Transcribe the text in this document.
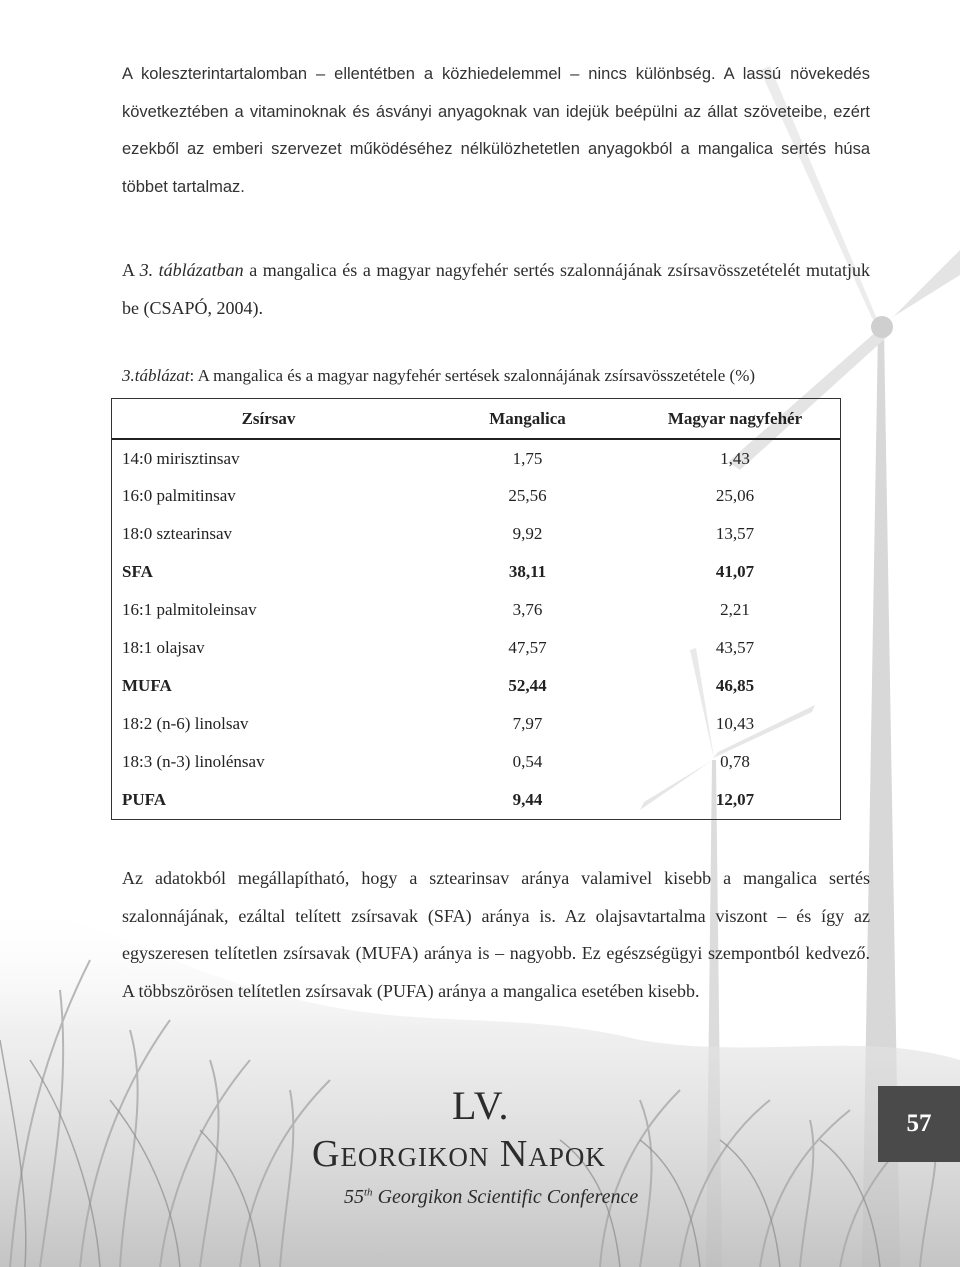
A koleszterintartalomban – ellentétben a közhiedelemmel – nincs különbség. A lassú növekedés következtében a vitaminoknak és ásványi anyagoknak van idejük beépülni az állat szöveteibe, ezért ezekből az emberi szervezet működéséhez nélkülözhetetlen anyagokból a mangalica sertés húsa többet tartalmaz.

A 3. táblázatban a mangalica és a magyar nagyfehér sertés szalonnájának zsírsavösszetételét mutatjuk be (CSAPÓ, 2004).

3.táblázat: A mangalica és a magyar nagyfehér sertések szalonnájának zsírsavösszetétele (%)

Zsírsav	Mangalica	Magyar nagyfehér
14:0 mirisztinsav	1,75	1,43
16:0 palmitinsav	25,56	25,06
18:0 sztearinsav	9,92	13,57
SFA	38,11	41,07
16:1 palmitoleinsav	3,76	2,21
18:1 olajsav	47,57	43,57
MUFA	52,44	46,85
18:2 (n-6) linolsav	7,97	10,43
18:3 (n-3) linolénsav	0,54	0,78
PUFA	9,44	12,07

Az adatokból megállapítható, hogy a sztearinsav aránya valamivel kisebb a mangalica sertés szalonnájának, ezáltal telített zsírsavak (SFA) aránya is. Az olajsavtartalma viszont – és így az egyszeresen telítetlen zsírsavak (MUFA) aránya is – nagyobb. Ez egészségügyi szempontból kedvező. A többszörösen telítetlen zsírsavak (PUFA) aránya a mangalica esetében kisebb.

LV.
Georgikon Napok
55th Georgikon Scientific Conference
57
